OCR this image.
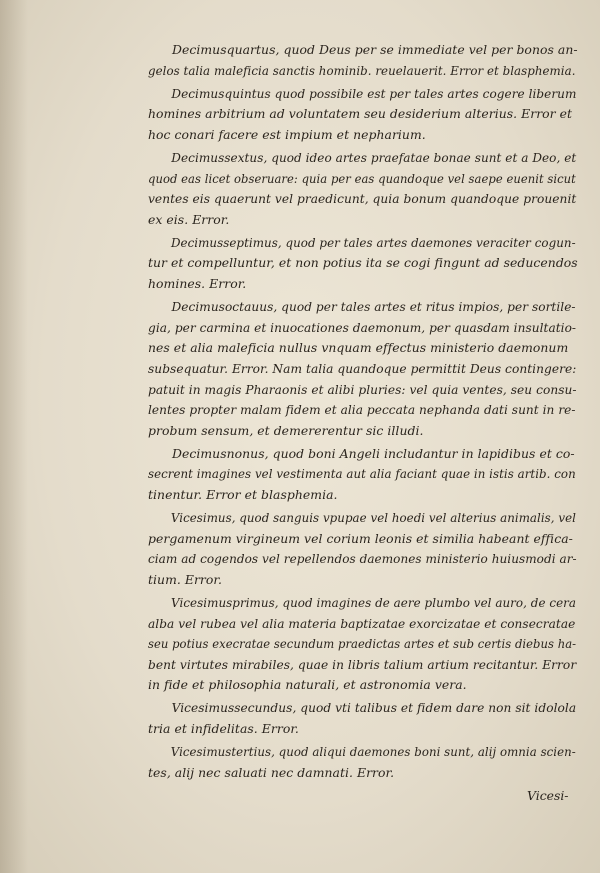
Decimusquartus, quod Deus per se immediate vel per bonos an-
gelos talia maleficia sanctis hominib. reuelauerit. Error et blasphemia.

Decimusquintus quod possibile est per tales artes cogere liberum
homines arbitrium ad voluntatem seu desiderium alterius. Error et
hoc conari facere est impium et nepharium.

Decimussextus, quod ideo artes praefatae bonae sunt et a Deo, et
quod eas licet obseruare: quia per eas quandoque vel saepe euenit sicut
ventes eis quaerunt vel praedicunt, quia bonum quandoque prouenit
ex eis. Error.

Decimusseptimus, quod per tales artes daemones veraciter cogun-
tur et compelluntur, et non potius ita se cogi fingunt ad seducendos
homines. Error.

Decimusoctauus, quod per tales artes et ritus impios, per sortile-
gia, per carmina et inuocationes daemonum, per quasdam insultatio-
nes et alia maleficia nullus vnquam effectus ministerio daemonum
subsequatur. Error. Nam talia quandoque permittit Deus contingere:
patuit in magis Pharaonis et alibi pluries: vel quia ventes, seu consu-
lentes propter malam fidem et alia peccata nephanda dati sunt in re-
probum sensum, et demererentur sic illudi.

Decimusnonus, quod boni Angeli includantur in lapidibus et co-
secrent imagines vel vestimenta aut alia faciant quae in istis artib. con
tinentur. Error et blasphemia.

Vicesimus, quod sanguis vpupae vel hoedi vel alterius animalis, vel
pergamenum virgineum vel corium leonis et similia habeant effica-
ciam ad cogendos vel repellendos daemones ministerio huiusmodi ar-
tium. Error.

Vicesimusprimus, quod imagines de aere plumbo vel auro, de cera
alba vel rubea vel alia materia baptizatae exorcizatae et consecratae
seu potius execratae secundum praedictas artes et sub certis diebus ha-
bent virtutes mirabiles, quae in libris talium artium recitantur. Error
in fide et philosophia naturali, et astronomia vera.

Vicesimussecundus, quod vti talibus et fidem dare non sit idolola
tria et infidelitas. Error.

Vicesimustertius, quod aliqui daemones boni sunt, alij omnia scien-
tes, alij nec saluati nec damnati. Error.

Vicesi-
